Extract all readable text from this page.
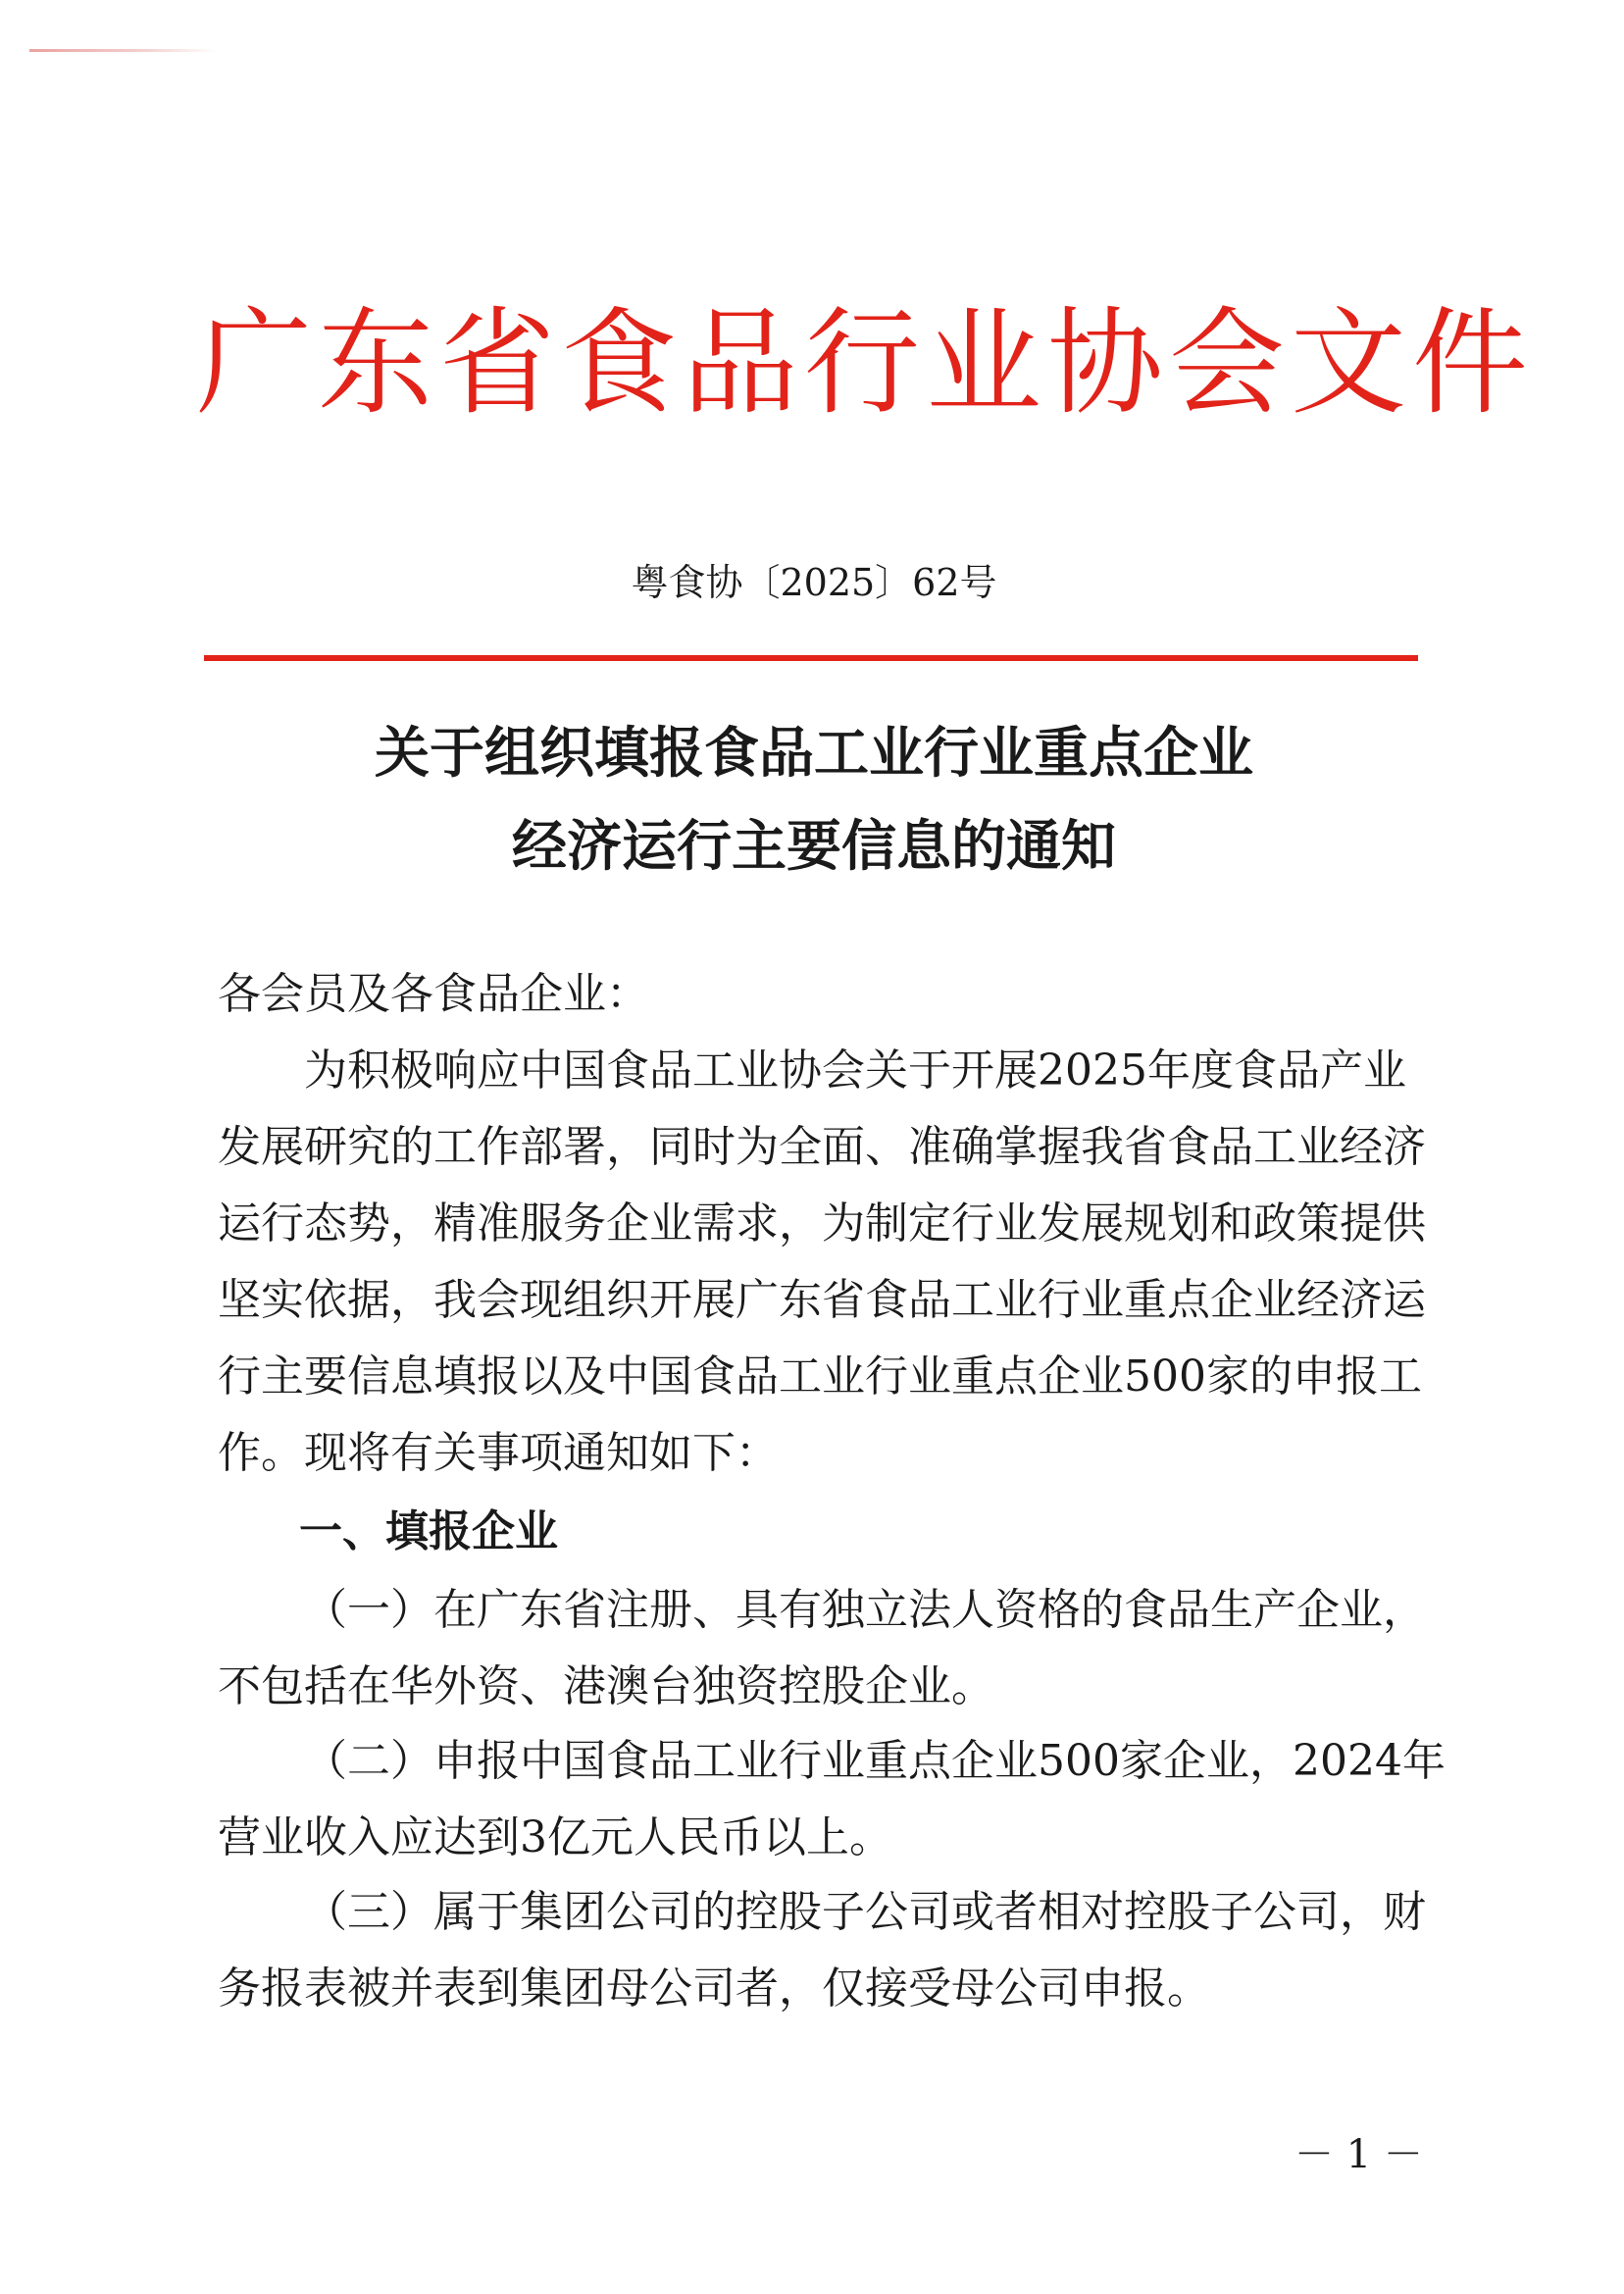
广东省食品行业协会文件
粤食协〔2025〕62号
关于组织填报食品工业行业重点企业
经济运行主要信息的通知
各会员及各食品企业：
为积极响应中国食品工业协会关于开展2025年度食品产业
发展研究的工作部署，同时为全面、准确掌握我省食品工业经济
运行态势，精准服务企业需求，为制定行业发展规划和政策提供
坚实依据，我会现组织开展广东省食品工业行业重点企业经济运
行主要信息填报以及中国食品工业行业重点企业500家的申报工
作。现将有关事项通知如下：
一、填报企业
（一）在广东省注册、具有独立法人资格的食品生产企业，
不包括在华外资、港澳台独资控股企业。
（二）申报中国食品工业行业重点企业500家企业，2024年
营业收入应达到3亿元人民币以上。
（三）属于集团公司的控股子公司或者相对控股子公司，财
务报表被并表到集团母公司者，仅接受母公司申报。
－ 1 －
